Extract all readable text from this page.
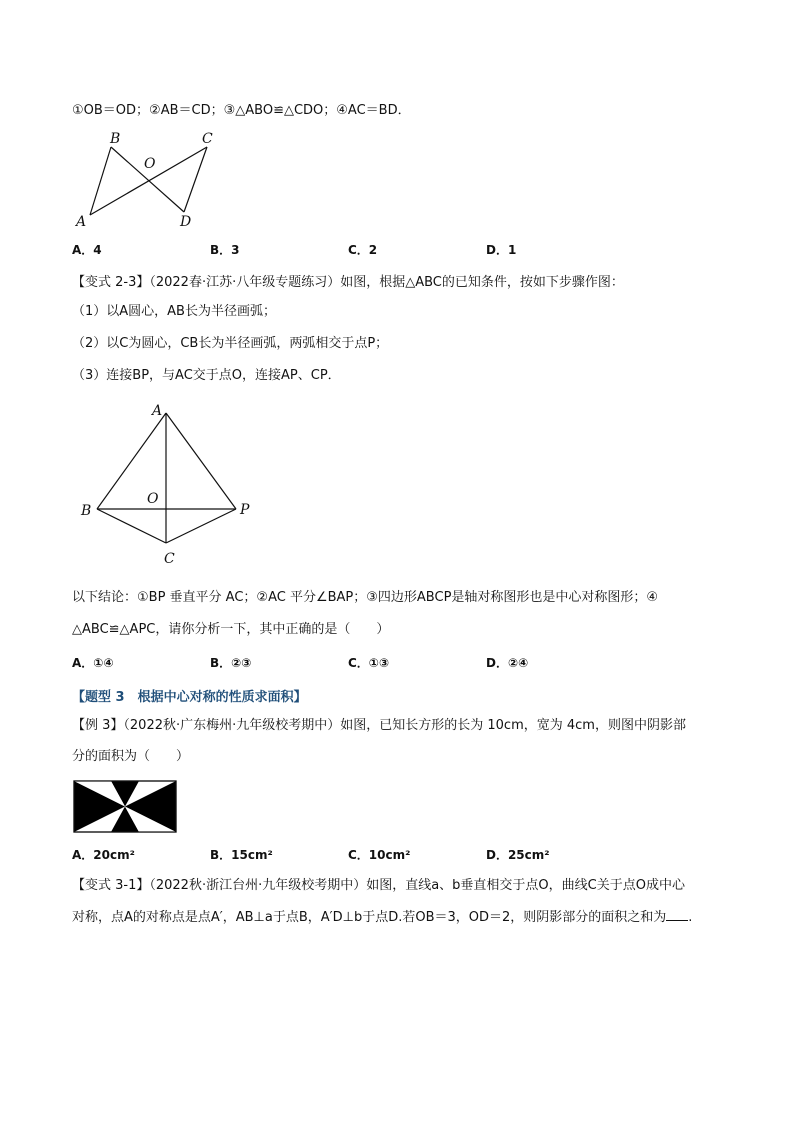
①OB＝OD；②AB＝CD；③△ABO≌△CDO；④AC＝BD．
B	C
O
A	D
A．4	B．3	C．2	D．1
【变式 2-3】（2022春·江苏·八年级专题练习）如图，根据△ABC的已知条件，按如下步骤作图：
（1）以A圆心，AB长为半径画弧；
（2）以C为圆心，CB长为半径画弧，两弧相交于点P；
（3）连接BP，与AC交于点O，连接AP、CP．
A
O
B	P
C
以下结论：①BP 垂直平分 AC；②AC 平分∠BAP；③四边形ABCP是轴对称图形也是中心对称图形；④
△ABC≌△APC，请你分析一下，其中正确的是（　　）
A．①④	B．②③	C．①③	D．②④
【题型 3　根据中心对称的性质求面积】
【例 3】（2022秋·广东梅州·九年级校考期中）如图，已知长方形的长为 10cm，宽为 4cm，则图中阴影部
分的面积为（　　）
A．20cm²	B．15cm²	C．10cm²	D．25cm²
【变式 3-1】（2022秋·浙江台州·九年级校考期中）如图，直线a、b垂直相交于点O，曲线C关于点O成中心
对称，点A的对称点是点A′，AB⊥a于点B，A′D⊥b于点D.若OB＝3，OD＝2，则阴影部分的面积之和为 .
